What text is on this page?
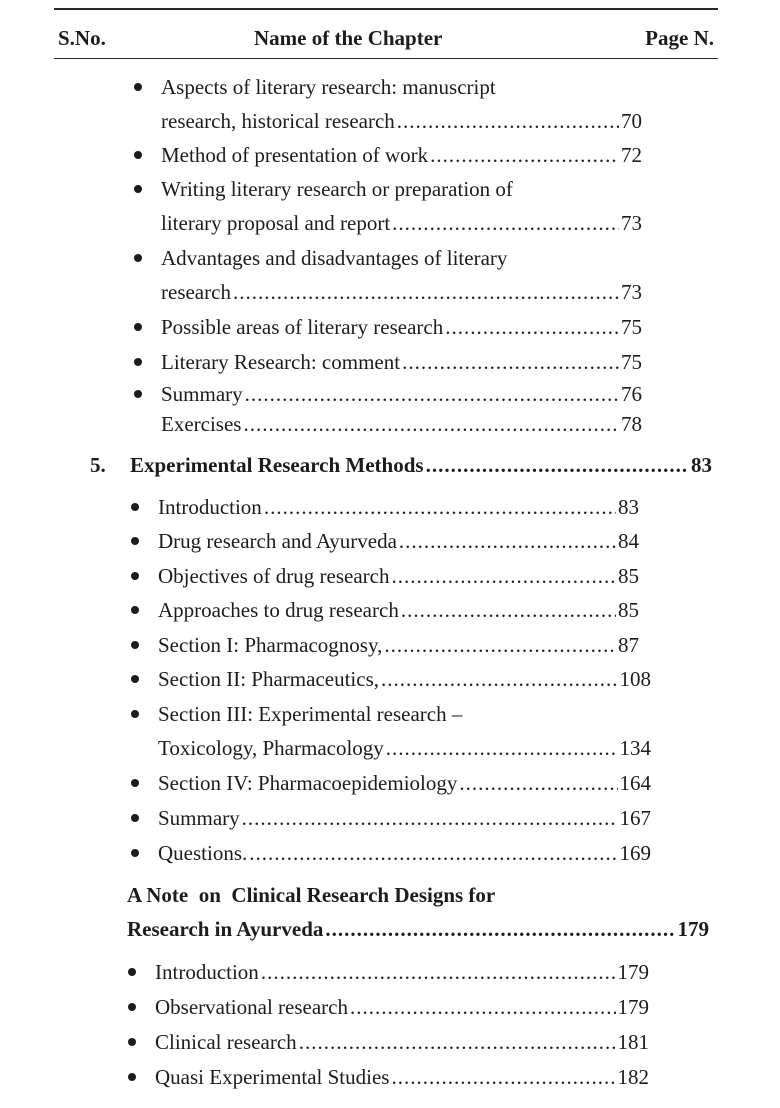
S.No.	Name of the Chapter	Page N.
Aspects of literary research: manuscript
research, historical research .....	70
Method of presentation of work .....	72
Writing literary research or preparation of
literary proposal and report .....	73
Advantages and disadvantages of literary
research .....	73
Possible areas of literary research .....	75
Literary Research: comment .....	75
Summary .....	76
Exercises .....	78
5. Experimental Research Methods .....	83
Introduction .....	83
Drug research and Ayurveda .....	84
Objectives of drug research .....	85
Approaches to drug research .....	85
Section I: Pharmacognosy, .....	87
Section II: Pharmaceutics, .....	108
Section III: Experimental research –
Toxicology, Pharmacology .....	134
Section IV: Pharmacoepidemiology .....	164
Summary .....	167
Questions. .....	169
A Note  on  Clinical Research Designs for
Research in Ayurveda .....	179
Introduction .....	179
Observational research .....	179
Clinical research .....	181
Quasi Experimental Studies .....	182
